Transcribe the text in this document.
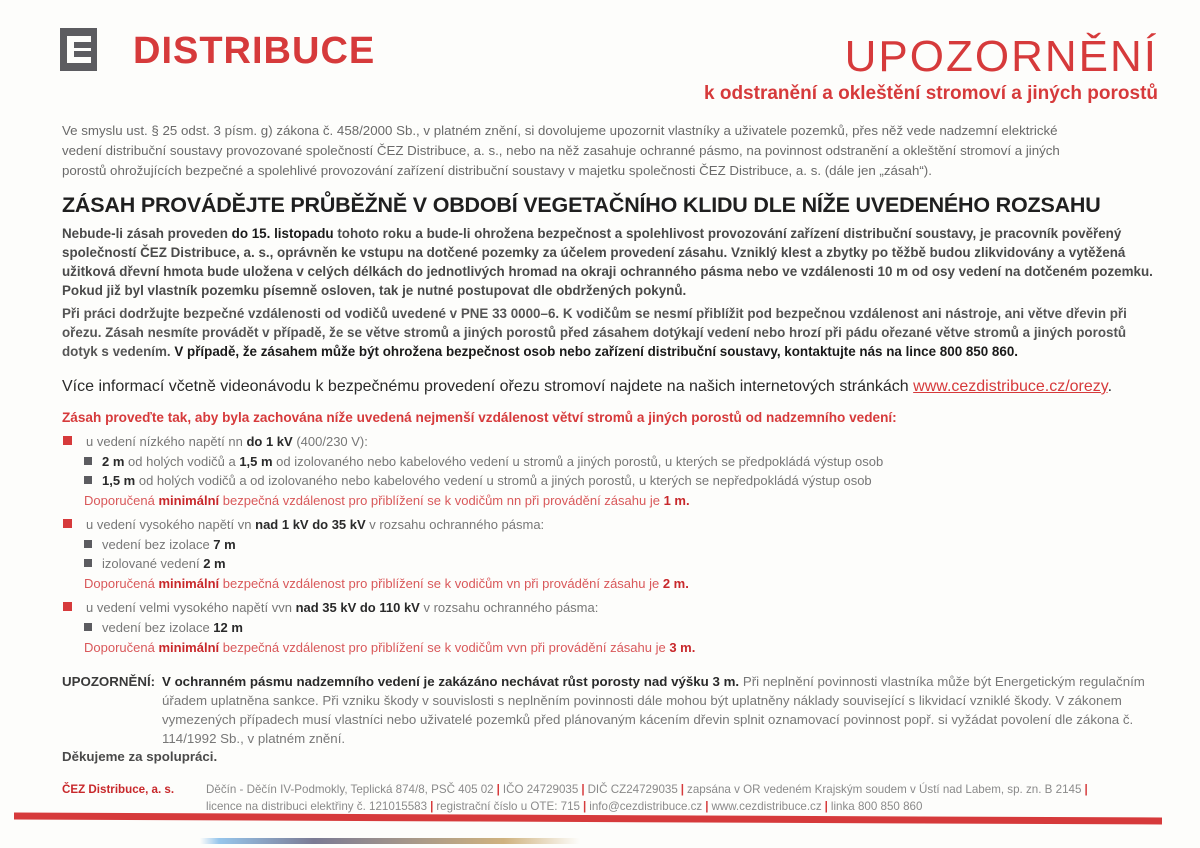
DISTRIBUCE	UPOZORNĚNÍ
k odstranění a okleštění stromoví a jiných porostů
Ve smyslu ust. § 25 odst. 3 písm. g) zákona č. 458/2000 Sb., v platném znění, si dovolujeme upozornit vlastníky a uživatele pozemků, přes něž vede nadzemní elektrické
vedení distribuční soustavy provozované společností ČEZ Distribuce, a. s., nebo na něž zasahuje ochranné pásmo, na povinnost odstranění a okleštění stromoví a jiných
porostů ohrožujících bezpečné a spolehlivé provozování zařízení distribuční soustavy v majetku společnosti ČEZ Distribuce, a. s. (dále jen „zásah“).
ZÁSAH PROVÁDĚJTE PRŮBĚŽNĚ V OBDOBÍ VEGETAČNÍHO KLIDU DLE NÍŽE UVEDENÉHO ROZSAHU
Nebude-li zásah proveden do 15. listopadu tohoto roku a bude-li ohrožena bezpečnost a spolehlivost provozování zařízení distribuční soustavy, je pracovník pověřený společností ČEZ Distribuce, a. s., oprávněn ke vstupu na dotčené pozemky za účelem provedení zásahu. Vzniklý klest a zbytky po těžbě budou zlikvidovány a vytěžená užitková dřevní hmota bude uložena v celých délkách do jednotlivých hromad na okraji ochranného pásma nebo ve vzdálenosti 10 m od osy vedení na dotčeném pozemku. Pokud již byl vlastník pozemku písemně osloven, tak je nutné postupovat dle obdržených pokynů.
Při práci dodržujte bezpečné vzdálenosti od vodičů uvedené v PNE 33 0000–6. K vodičům se nesmí přiblížit pod bezpečnou vzdálenost ani nástroje, ani větve dřevin při ořezu. Zásah nesmíte provádět v případě, že se větve stromů a jiných porostů před zásahem dotýkají vedení nebo hrozí při pádu ořezané větve stromů a jiných porostů dotyk s vedením. V případě, že zásahem může být ohrožena bezpečnost osob nebo zařízení distribuční soustavy, kontaktujte nás na lince 800 850 860.
Více informací včetně videonávodu k bezpečnému provedení ořezu stromoví najdete na našich internetových stránkách www.cezdistribuce.cz/orezy.
Zásah proveďte tak, aby byla zachována níže uvedená nejmenší vzdálenost větví stromů a jiných porostů od nadzemního vedení:
u vedení nízkého napětí nn do 1 kV (400/230 V):
2 m od holých vodičů a 1,5 m od izolovaného nebo kabelového vedení u stromů a jiných porostů, u kterých se předpokládá výstup osob
1,5 m od holých vodičů a od izolovaného nebo kabelového vedení u stromů a jiných porostů, u kterých se nepředpokládá výstup osob
Doporučená minimální bezpečná vzdálenost pro přiblížení se k vodičům nn při provádění zásahu je 1 m.
u vedení vysokého napětí vn nad 1 kV do 35 kV v rozsahu ochranného pásma:
vedení bez izolace 7 m
izolované vedení 2 m
Doporučená minimální bezpečná vzdálenost pro přiblížení se k vodičům vn při provádění zásahu je 2 m.
u vedení velmi vysokého napětí vvn nad 35 kV do 110 kV v rozsahu ochranného pásma:
vedení bez izolace 12 m
Doporučená minimální bezpečná vzdálenost pro přiblížení se k vodičům vvn při provádění zásahu je 3 m.
UPOZORNĚNÍ: V ochranném pásmu nadzemního vedení je zakázáno nechávat růst porosty nad výšku 3 m. Při neplnění povinnosti vlastníka může být Energetickým regulačním úřadem uplatněna sankce. Při vzniku škody v souvislosti s neplněním povinnosti dále mohou být uplatněny náklady související s likvidací vzniklé škody. V zákonem vymezených případech musí vlastníci nebo uživatelé pozemků před plánovaným kácením dřevin splnit oznamovací povinnost popř. si vyžádat povolení dle zákona č. 114/1992 Sb., v platném znění.
Děkujeme za spolupráci.
ČEZ Distribuce, a. s.	Děčín - Děčín IV-Podmokly, Teplická 874/8, PSČ 405 02 | IČO 24729035 | DIČ CZ24729035 | zapsána v OR vedeném Krajským soudem v Ústí nad Labem, sp. zn. B 2145 |
licence na distribuci elektřiny č. 121015583 | registrační číslo u OTE: 715 | info@cezdistribuce.cz | www.cezdistribuce.cz | linka 800 850 860
